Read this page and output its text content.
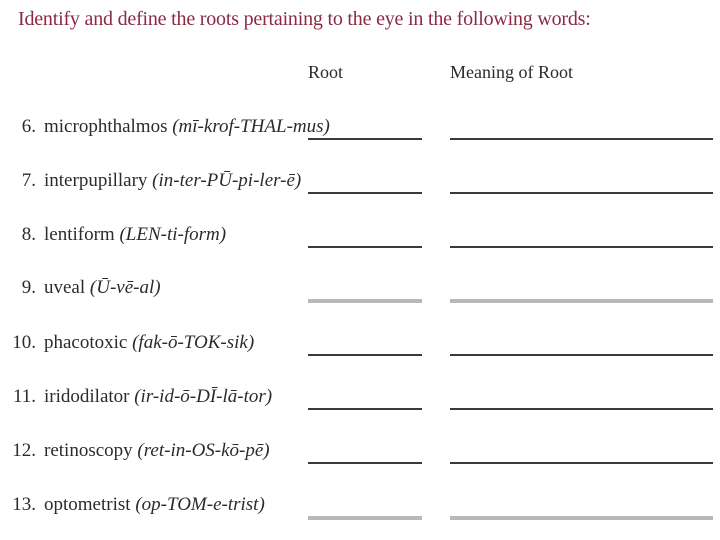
Identify and define the roots pertaining to the eye in the following words:
Root	Meaning of Root
6. microphthalmos (mī-krof-THAL-mus)
7. interpupillary (in-ter-PŪ-pi-ler-ē)
8. lentiform (LEN-ti-form)
9. uveal (Ū-vē-al)
10. phacotoxic (fak-ō-TOK-sik)
11. iridodilator (ir-id-ō-DĪ-lā-tor)
12. retinoscopy (ret-in-OS-kō-pē)
13. optometrist (op-TOM-e-trist)
